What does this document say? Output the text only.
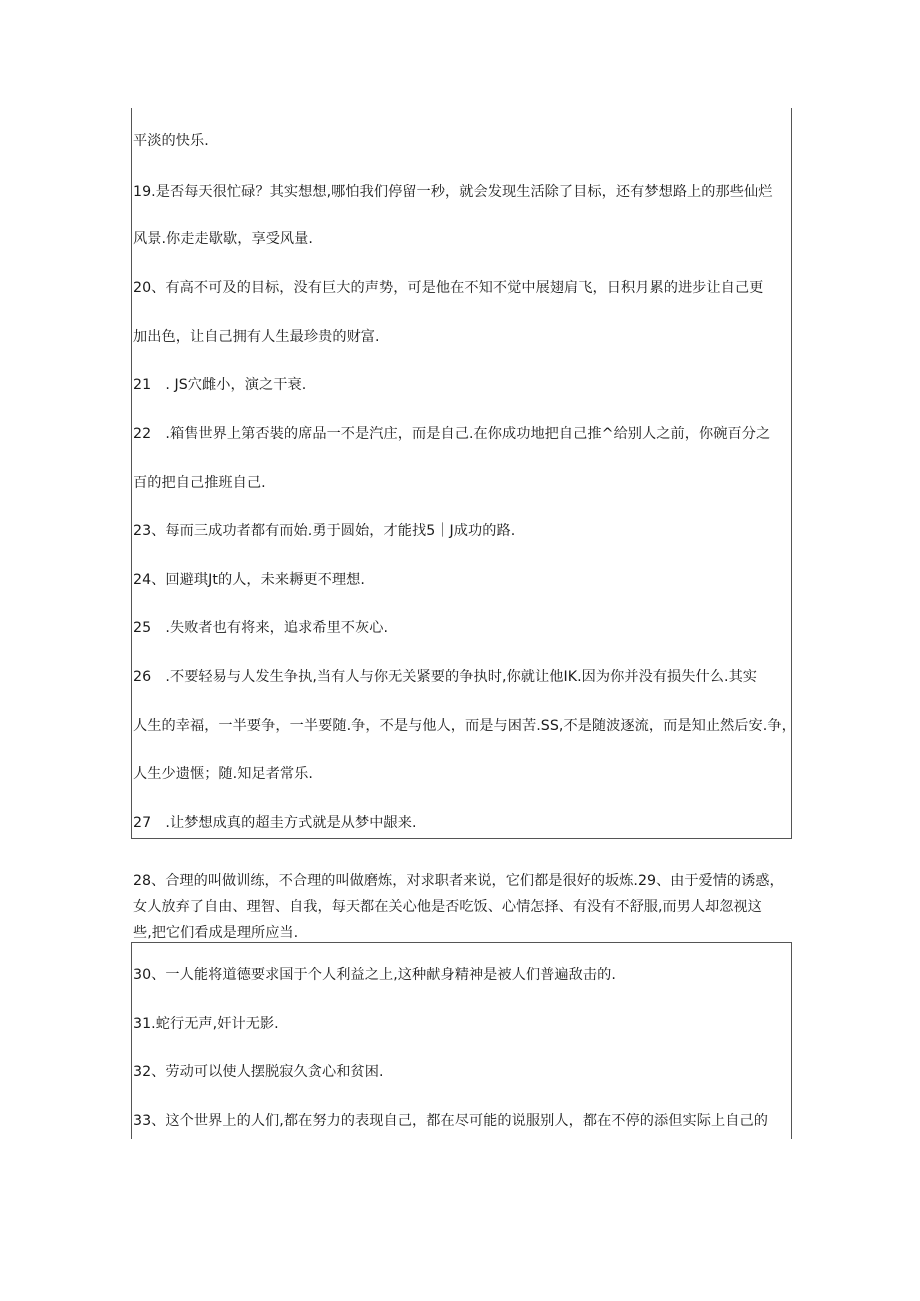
平淡的快乐.
19.是否每天很忙碌？其实想想,哪怕我们停留一秒，就会发现生活除了目标，还有梦想路上的那些仙烂
风景.你走走歇歇，享受风量.
20、有高不可及的目标，没有巨大的声势，可是他在不知不觉中展翅肩飞，日积月累的进步让自己更
加出色，让自己拥有人生最珍贵的财富.
21　. JS穴雌小，演之干衰.
22　.箱售世界上第否裝的席品一不是汽庄，而是自己.在你成功地把自己推^给别人之前，你碗百分之
百的把自己推班自己.
23、每而三成功者都有而始.勇于圆始，才能找5｜J成功的路.
24、回避琪Jt的人，未来耨更不理想.
25　.失败者也有将来，追求希里不灰心.
26　.不要轻易与人发生争执,当有人与你无关紧要的争执时,你就让他IK.因为你并没有损失什么.其实
人生的幸福，一半要争，一半要随.争，不是与他人，而是与困苦.SS,不是随波逐流，而是知止然后安.争，
人生少遗惬；随.知足者常乐.
27　.让梦想成真的超圭方式就是从梦中龈来.
28、合理的叫做训练，不合理的叫做磨炼，对求职者来说，它们都是很好的坂炼.29、由于爱情的诱惑，
女人放弃了自由、理智、自我，每天都在关心他是否吃饭、心情怎择、有没有不舒服,而男人却忽视这
些,把它们看成是理所应当.
30、一人能将道德要求国于个人利益之上,这种献身精神是被人们普遍敌击的.
31.蛇行无声,奸计无影.
32、劳动可以使人摆脱寂久贪心和贫困.
33、这个世界上的人们,都在努力的表现自己，都在尽可能的说服别人，都在不停的添但实际上自己的
